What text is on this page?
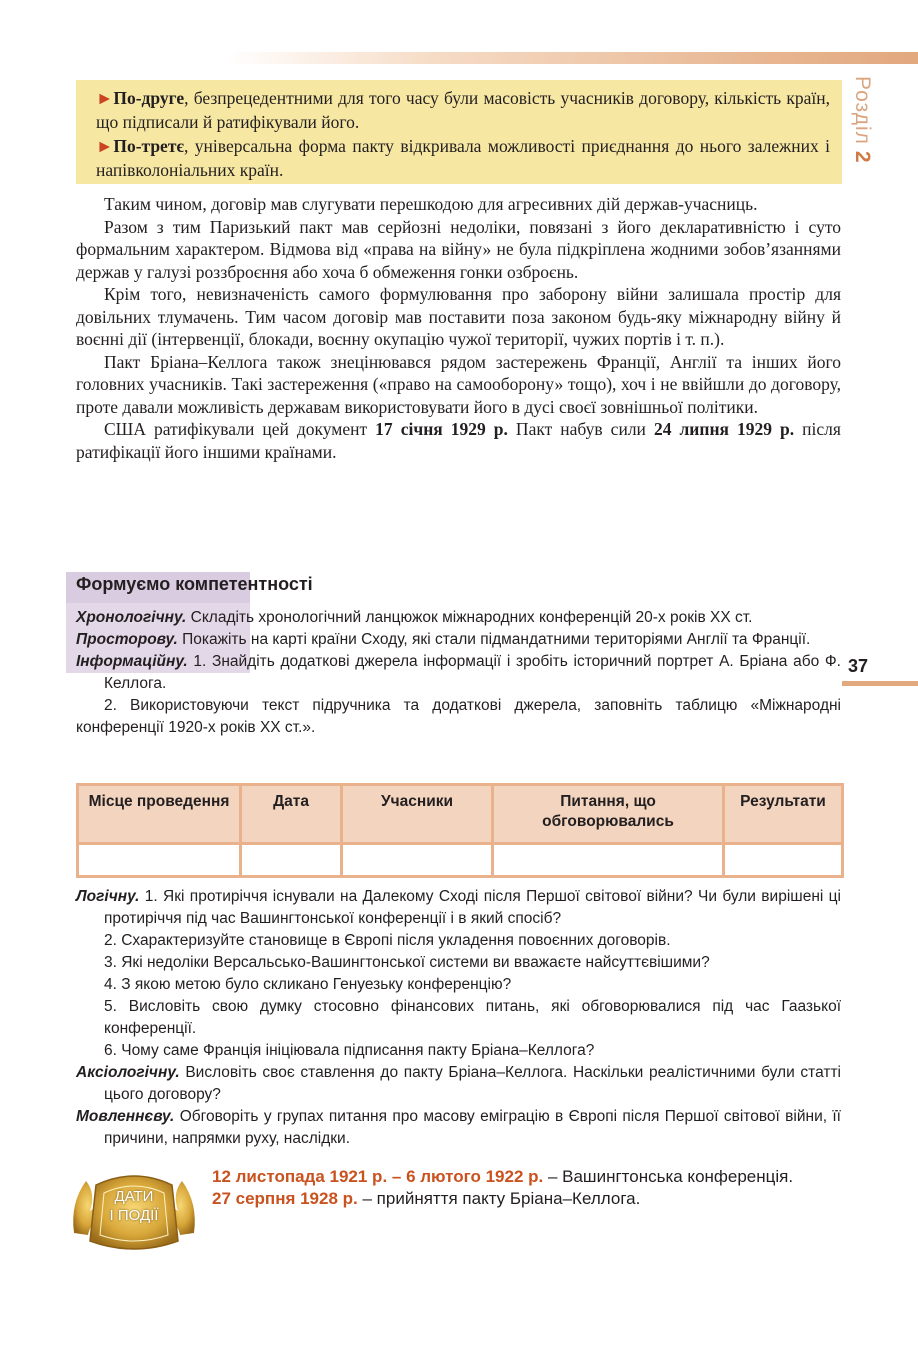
Розділ2
37
►По-друге, безпрецедентними для того часу були масовість учасників договору, кількість країн, що підписали й ратифікували його.
►По-третє, універсальна форма пакту відкривала можливості приєднання до нього залежних і напівколоніальних країн.

Таким чином, договір мав слугувати перешкодою для агресивних дій держав-учасниць.

Разом з тим Паризький пакт мав серйозні недоліки, повязані з його декларативністю і суто формальним характером. Відмова від «права на війну» не була підкріплена жодними зобов’язаннями держав у галузі роззброєння або хоча б обмеження гонки озброєнь.

Крім того, невизначеність самого формулювання про заборону війни залишала простір для довільних тлумачень. Тим часом договір мав поставити поза законом будь-яку міжнародну війну й воєнні дії (інтервенції, блокади, воєнну окупацію чужої території, чужих портів і т. п.).

Пакт Бріана–Келлога також знецінювався рядом застережень Франції, Англії та інших його головних учасників. Такі застереження («право на самооборону» тощо), хоч і не ввійшли до договору, проте давали можливість державам використовувати його в дусі своєї зовнішньої політики.

США ратифікували цей документ 17 січня 1929 р. Пакт набув сили 24 липня 1929 р. після ратифікації його іншими країнами.

Формуємо компетентності

Хронологічну. Складіть хронологічний ланцюжок міжнародних конференцій 20-х років XX ст.

Просторову. Покажіть на карті країни Сходу, які стали підмандатними територіями Англії та Франції.

Інформаційну. 1. Знайдіть додаткові джерела інформації і зробіть історичний портрет А. Бріана або Ф. Келлога.

2. Використовуючи текст підручника та додаткові джерела, заповніть таблицю «Міжнародні конференції 1920-х років XX ст.».

Місце проведення	Дата	Учасники	Питання, що обговорювались	Результати

Логічну. 1. Які протиріччя існували на Далекому Сході після Першої світової війни? Чи були вирішені ці протиріччя під час Вашингтонської конференції і в який спосіб?

2. Схарактеризуйте становище в Європі після укладення повоєнних договорів.

3. Які недоліки Версальсько-Вашингтонської системи ви вважаєте найсуттєвішими?

4. З якою метою було скликано Генуезьку конференцію?

5. Висловіть свою думку стосовно фінансових питань, які обговорювалися під час Гаазької конференції.

6. Чому саме Франція ініціювала підписання пакту Бріана–Келлога?

Аксіологічну. Висловіть своє ставлення до пакту Бріана–Келлога. Наскільки реалістичними були статті цього договору?

Мовленнєву. Обговоріть у групах питання про масову еміграцію в Європі після Першої світової війни, її причини, напрямки руху, наслідки.

ДАТИ
І ПОДІЇ

12 листопада 1921 р. – 6 лютого 1922 р. – Вашингтонська конференція.

27 серпня 1928 р. – прийняття пакту Бріана–Келлога.
